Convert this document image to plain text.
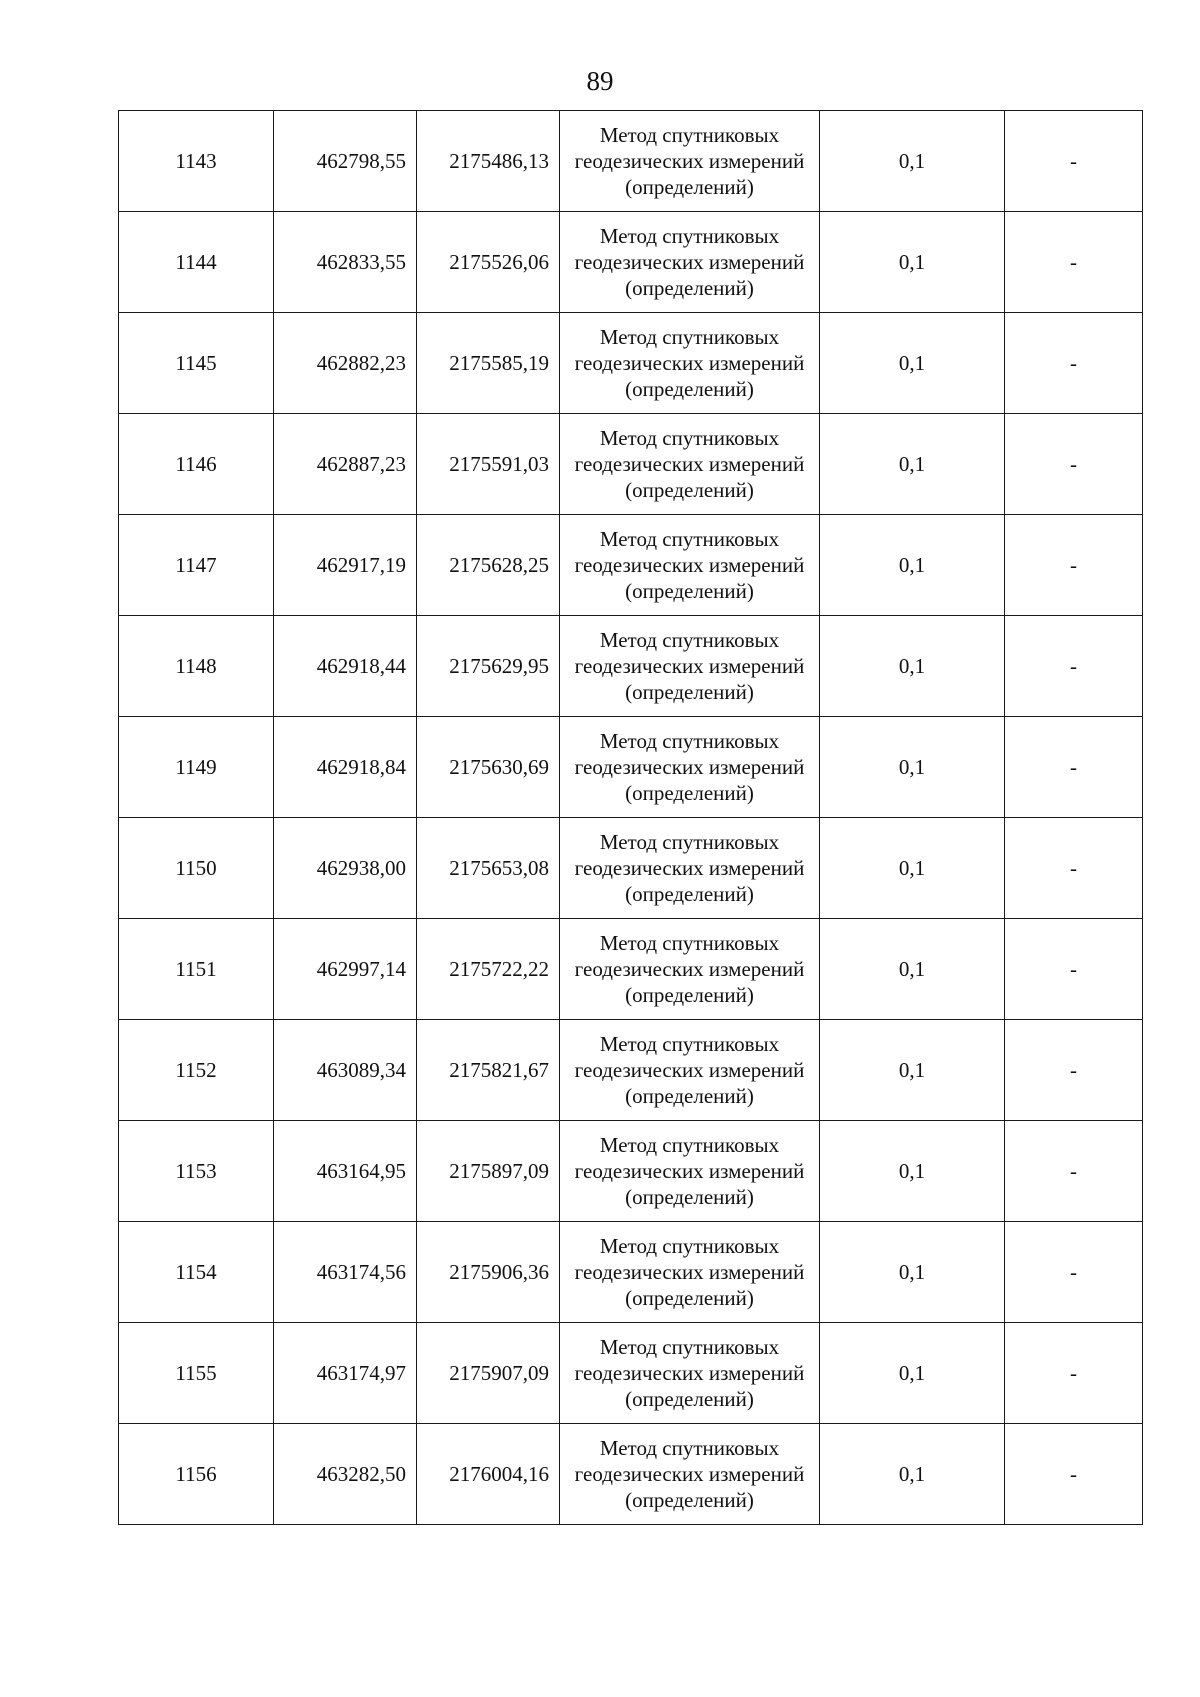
89
1143	462798,55	2175486,13	Метод спутниковых
геодезических измерений
(определений)	0,1	-
1144	462833,55	2175526,06	Метод спутниковых
геодезических измерений
(определений)	0,1	-
1145	462882,23	2175585,19	Метод спутниковых
геодезических измерений
(определений)	0,1	-
1146	462887,23	2175591,03	Метод спутниковых
геодезических измерений
(определений)	0,1	-
1147	462917,19	2175628,25	Метод спутниковых
геодезических измерений
(определений)	0,1	-
1148	462918,44	2175629,95	Метод спутниковых
геодезических измерений
(определений)	0,1	-
1149	462918,84	2175630,69	Метод спутниковых
геодезических измерений
(определений)	0,1	-
1150	462938,00	2175653,08	Метод спутниковых
геодезических измерений
(определений)	0,1	-
1151	462997,14	2175722,22	Метод спутниковых
геодезических измерений
(определений)	0,1	-
1152	463089,34	2175821,67	Метод спутниковых
геодезических измерений
(определений)	0,1	-
1153	463164,95	2175897,09	Метод спутниковых
геодезических измерений
(определений)	0,1	-
1154	463174,56	2175906,36	Метод спутниковых
геодезических измерений
(определений)	0,1	-
1155	463174,97	2175907,09	Метод спутниковых
геодезических измерений
(определений)	0,1	-
1156	463282,50	2176004,16	Метод спутниковых
геодезических измерений
(определений)	0,1	-
